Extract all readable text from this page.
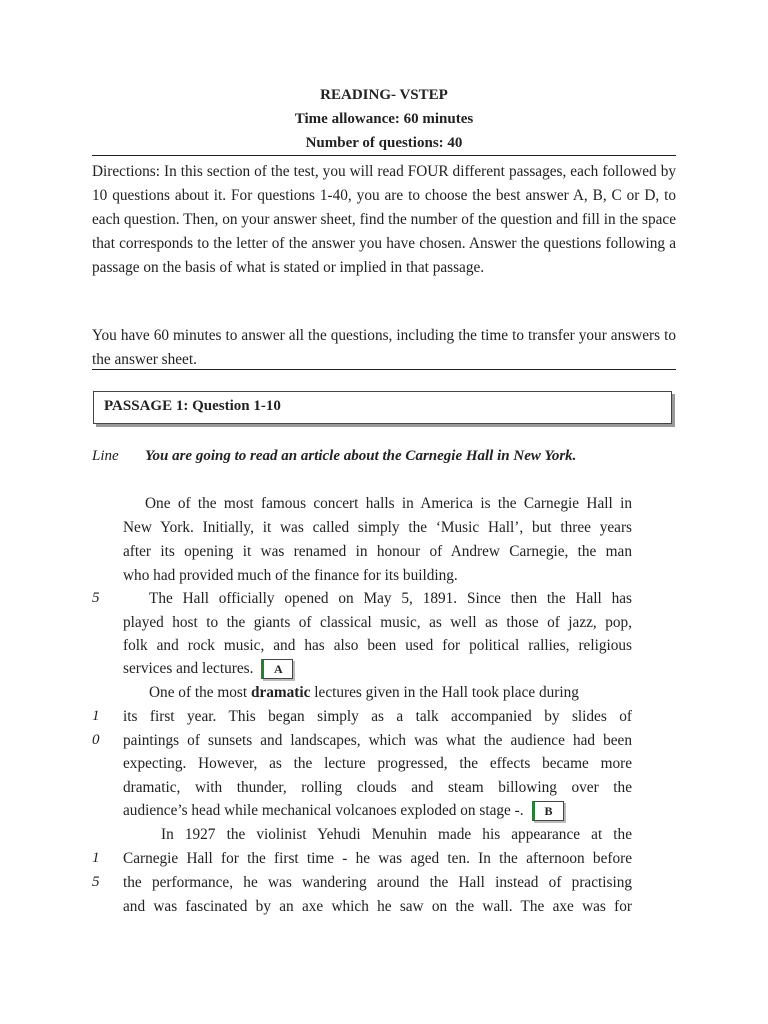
READING- VSTEP
Time allowance: 60 minutes
Number of questions: 40
Directions: In this section of the test, you will read FOUR different passages, each followed by 10 questions about it. For questions 1-40, you are to choose the best answer A, B, C or D, to each question. Then, on your answer sheet, find the number of the question and fill in the space that corresponds to the letter of the answer you have chosen. Answer the questions following a passage on the basis of what is stated or implied in that passage.
You have 60 minutes to answer all the questions, including the time to transfer your answers to the answer sheet.
PASSAGE 1: Question 1-10
Line You are going to read an article about the Carnegie Hall in New York.
5
1
0
1
5
One of the most famous concert halls in America is the Carnegie Hall in
New York. Initially, it was called simply the ‘Music Hall’, but three years
after its opening it was renamed in honour of Andrew Carnegie, the man
who had provided much of the finance for its building.
The Hall officially opened on May 5, 1891. Since then the Hall has
played host to the giants of classical music, as well as those of jazz, pop,
folk and rock music, and has also been used for political rallies, religious
services and lectures. A
One of the most dramatic lectures given in the Hall took place during
its first year. This began simply as a talk accompanied by slides of
paintings of sunsets and landscapes, which was what the audience had been
expecting. However, as the lecture progressed, the effects became more
dramatic, with thunder, rolling clouds and steam billowing over the
audience’s head while mechanical volcanoes exploded on stage -. B
In 1927 the violinist Yehudi Menuhin made his appearance at the
Carnegie Hall for the first time - he was aged ten. In the afternoon before
the performance, he was wandering around the Hall instead of practising
and was fascinated by an axe which he saw on the wall. The axe was for
